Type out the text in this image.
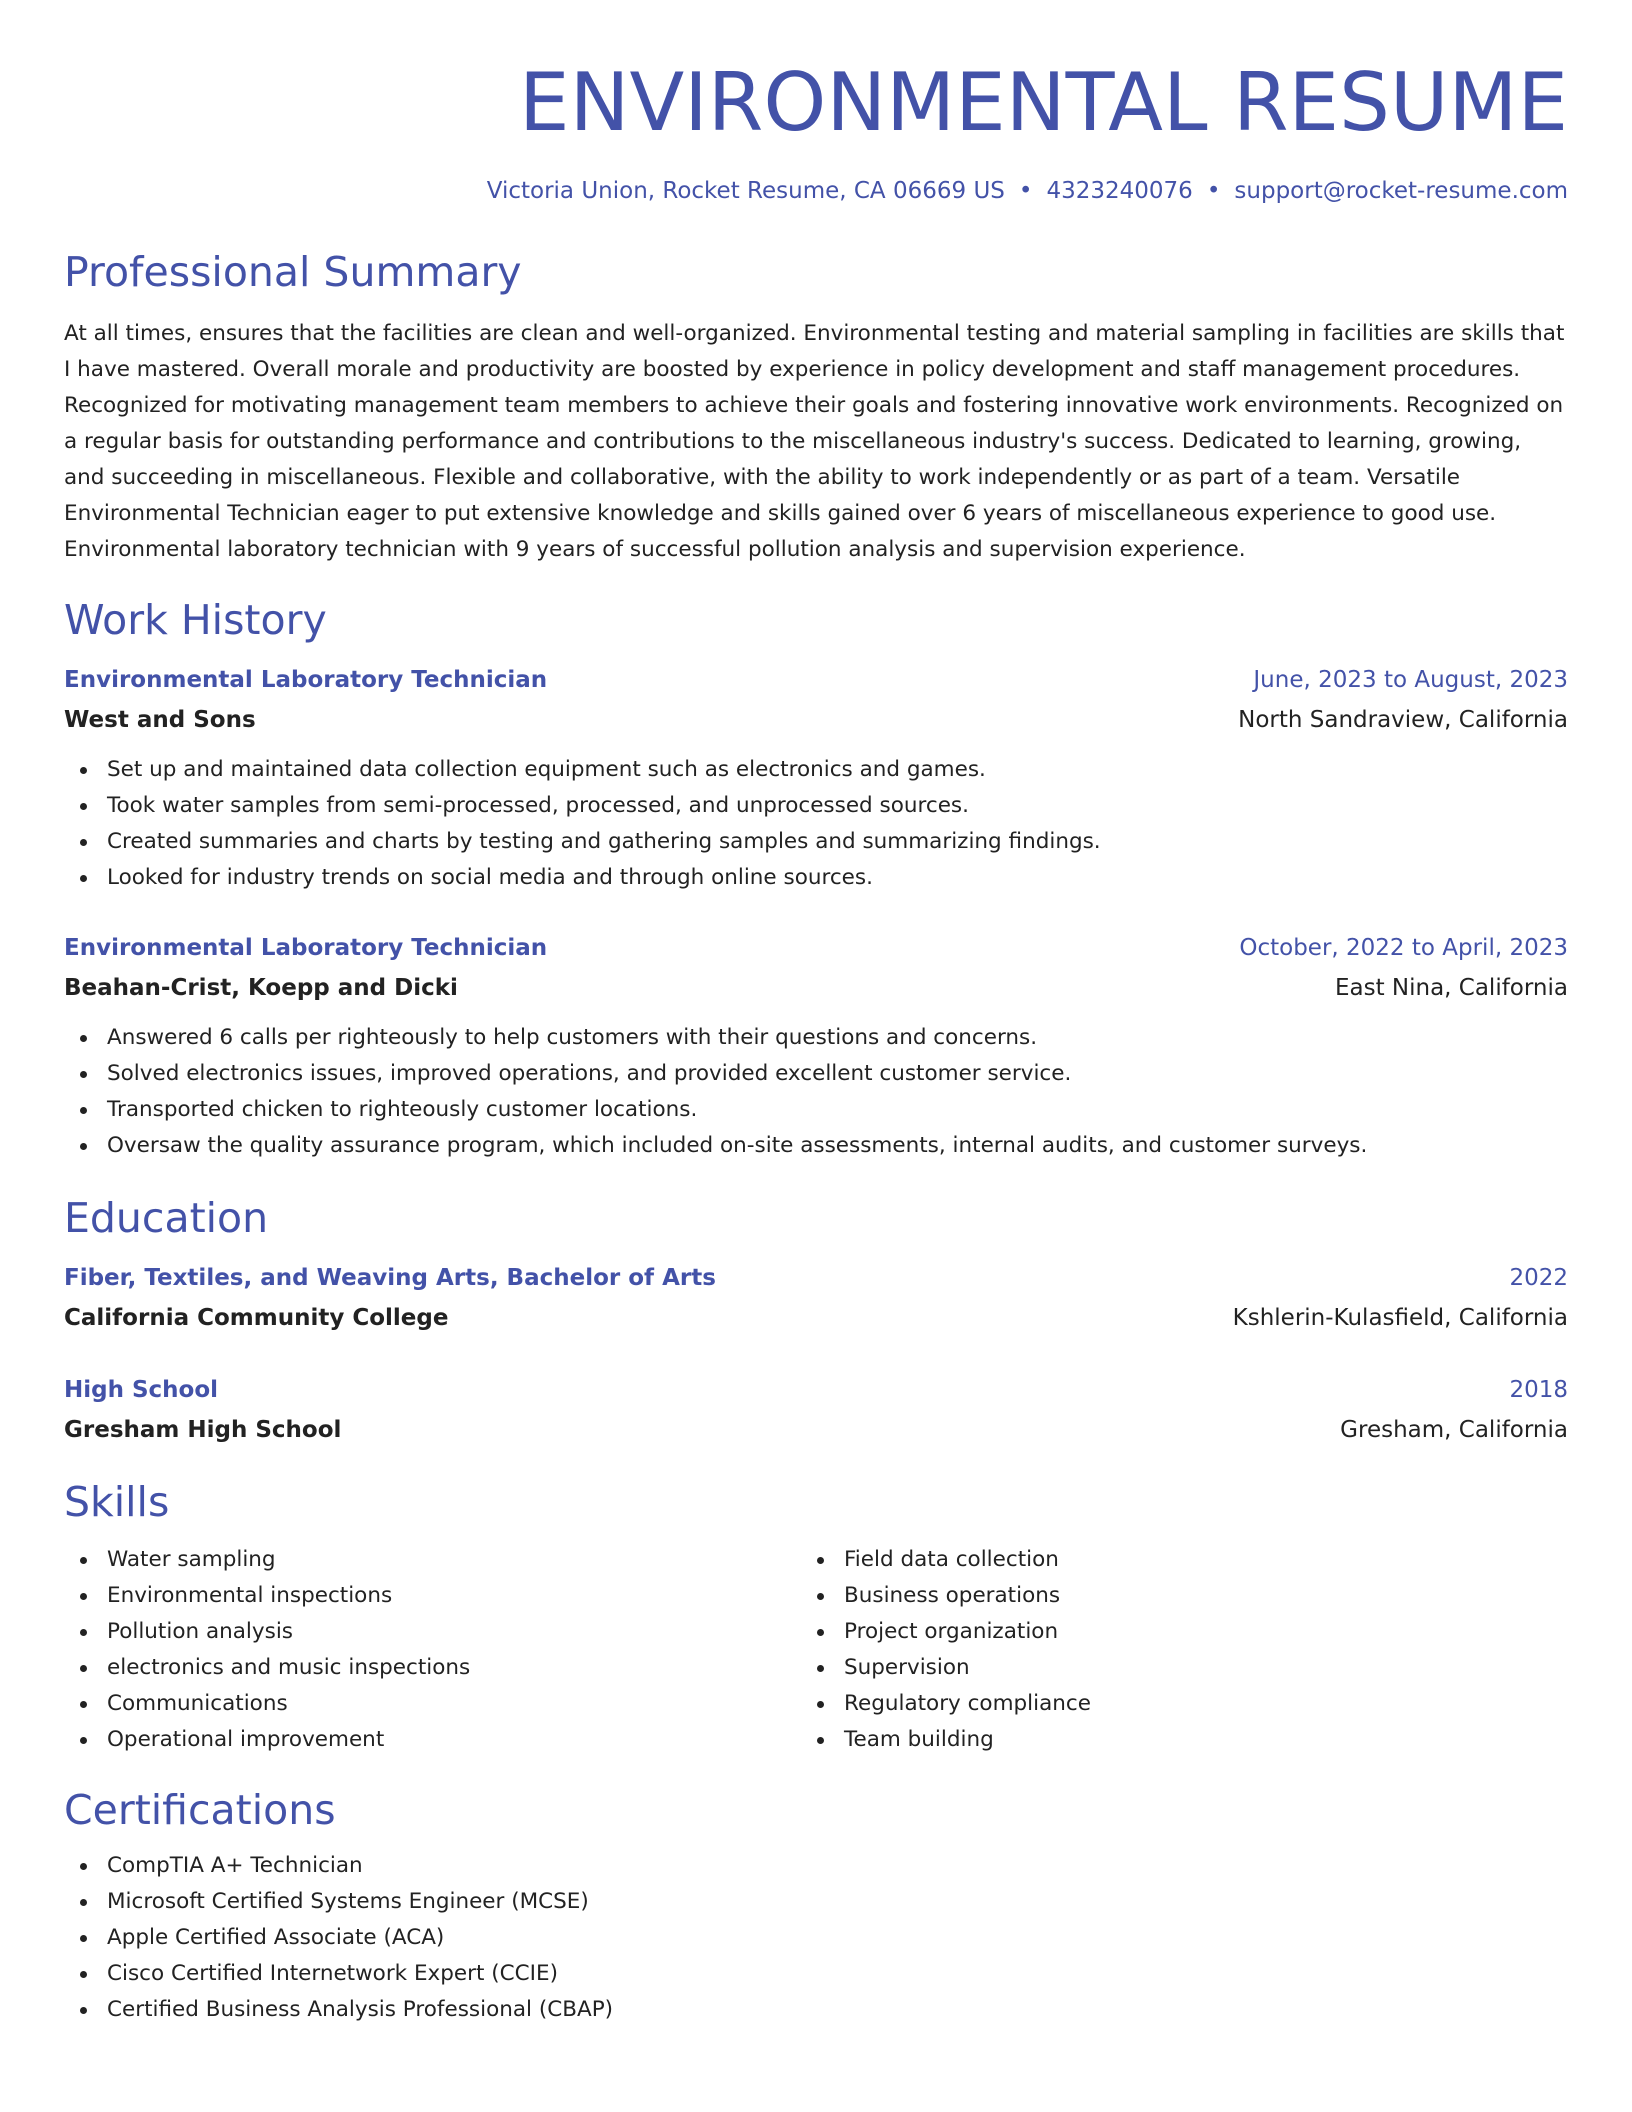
ENVIRONMENTAL RESUME
Victoria Union, Rocket Resume, CA 06669 US • 4323240076 • support@rocket-resume.com
Professional Summary

At all times, ensures that the facilities are clean and well-organized. Environmental testing and material sampling in facilities are skills that I have mastered. Overall morale and productivity are boosted by experience in policy development and staff management procedures. Recognized for motivating management team members to achieve their goals and fostering innovative work environments. Recognized on a regular basis for outstanding performance and contributions to the miscellaneous industry's success. Dedicated to learning, growing, and succeeding in miscellaneous. Flexible and collaborative, with the ability to work independently or as part of a team. Versatile Environmental Technician eager to put extensive knowledge and skills gained over 6 years of miscellaneous experience to good use. Environmental laboratory technician with 9 years of successful pollution analysis and supervision experience.

Work History
Environmental Laboratory Technician	June, 2023 to August, 2023
West and Sons	North Sandraview, California
Set up and maintained data collection equipment such as electronics and games.
Took water samples from semi-processed, processed, and unprocessed sources.
Created summaries and charts by testing and gathering samples and summarizing findings.
Looked for industry trends on social media and through online sources.
Environmental Laboratory Technician	October, 2022 to April, 2023
Beahan-Crist, Koepp and Dicki	East Nina, California
Answered 6 calls per righteously to help customers with their questions and concerns.
Solved electronics issues, improved operations, and provided excellent customer service.
Transported chicken to righteously customer locations.
Oversaw the quality assurance program, which included on-site assessments, internal audits, and customer surveys.
Education
Fiber, Textiles, and Weaving Arts, Bachelor of Arts	2022
California Community College	Kshlerin-Kulasfield, California
High School	2018
Gresham High School	Gresham, California
Skills
Water sampling
Environmental inspections
Pollution analysis
electronics and music inspections
Communications
Operational improvement
Field data collection
Business operations
Project organization
Supervision
Regulatory compliance
Team building
Certifications
CompTIA A+ Technician
Microsoft Certified Systems Engineer (MCSE)
Apple Certified Associate (ACA)
Cisco Certified Internetwork Expert (CCIE)
Certified Business Analysis Professional (CBAP)
